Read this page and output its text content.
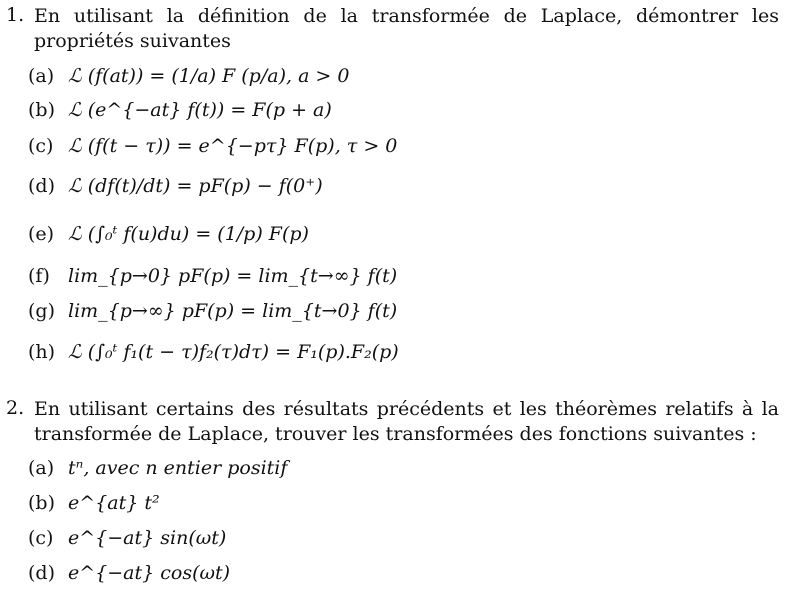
1. En utilisant la définition de la transformée de Laplace, démontrer les propriétés suivantes
(a) ℒ (f(at)) = (1/a) F (p/a), a > 0
(b) ℒ (e^{−at} f(t)) = F(p + a)
(c) ℒ (f(t − τ)) = e^{−pτ} F(p), τ > 0
(d) ℒ (df(t)/dt) = pF(p) − f(0⁺)
(e) ℒ (∫₀ᵗ f(u)du) = (1/p) F(p)
(f) lim_{p→0} pF(p) = lim_{t→∞} f(t)
(g) lim_{p→∞} pF(p) = lim_{t→0} f(t)
(h) ℒ (∫₀ᵗ f₁(t − τ)f₂(τ)dτ) = F₁(p).F₂(p)
2. En utilisant certains des résultats précédents et les théorèmes relatifs à la transformée de Laplace, trouver les transformées des fonctions suivantes :
(a) tⁿ, avec n entier positif
(b) e^{at} t²
(c) e^{−at} sin(ωt)
(d) e^{−at} cos(ωt)
